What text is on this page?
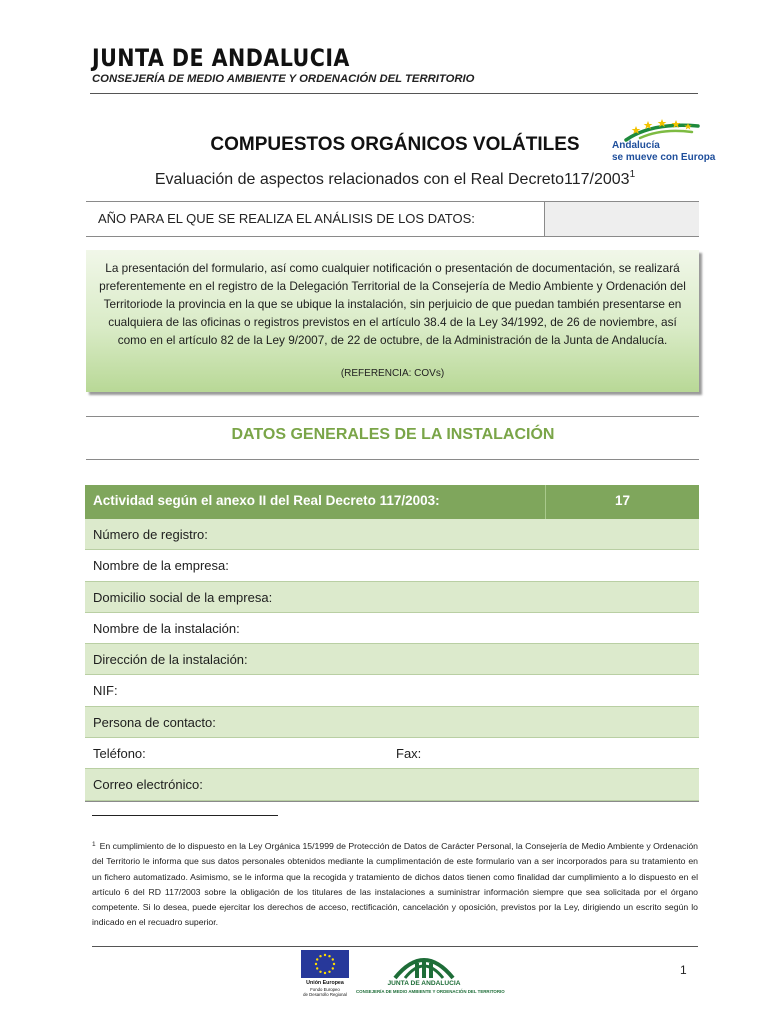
JUNTA DE ANDALUCIA
CONSEJERÍA DE MEDIO AMBIENTE Y ORDENACIÓN DEL TERRITORIO
Andalucía
se mueve con Europa
COMPUESTOS ORGÁNICOS VOLÁTILES
Evaluación de aspectos relacionados con el Real Decreto117/2003$^1$
AÑO PARA EL QUE SE REALIZA EL ANÁLISIS DE LOS DATOS:
La presentación del formulario, así como cualquier notificación o presentación de documentación, se realizará preferentemente en el registro de la Delegación Territorial de la Consejería de Medio Ambiente y Ordenación del Territoriode la provincia en la que se ubique la instalación, sin perjuicio de que puedan también presentarse en cualquiera de las oficinas o registros previstos en el artículo 38.4 de la Ley 34/1992, de 26 de noviembre, así como en el artículo 82 de la Ley 9/2007, de 22 de octubre, de la Administración de la Junta de Andalucía.
(REFERENCIA: COVs)
DATOS GENERALES DE LA INSTALACIÓN
Actividad según el anexo II del Real Decreto 117/2003:	17
Número de registro:
Nombre de la empresa:
Domicilio social de la empresa:
Nombre de la instalación:
Dirección de la instalación:
NIF:
Persona de contacto:
Teléfono:	Fax:
Correo electrónico:
$^1$ En cumplimiento de lo dispuesto en la Ley Orgánica 15/1999 de Protección de Datos de Carácter Personal, la Consejería de Medio Ambiente y Ordenación del Territorio le informa que sus datos personales obtenidos mediante la cumplimentación de este formulario van a ser incorporados para su tratamiento en un fichero automatizado. Asimismo, se le informa que la recogida y tratamiento de dichos datos tienen como finalidad dar cumplimiento a lo dispuesto en el artículo 6 del RD 117/2003 sobre la obligación de los titulares de las instalaciones a suministrar información siempre que sea solicitada por el órgano competente. Si lo desea, puede ejercitar los derechos de acceso, rectificación, cancelación y oposición, previstos por la Ley, dirigiendo un escrito según lo indicado en el recuadro superior.
Unión Europea
Fondo Europeo
de Desarrollo Regional
JUNTA DE ANDALUCIA
CONSEJERÍA DE MEDIO AMBIENTE Y ORDENACIÓN DEL TERRITORIO
1
